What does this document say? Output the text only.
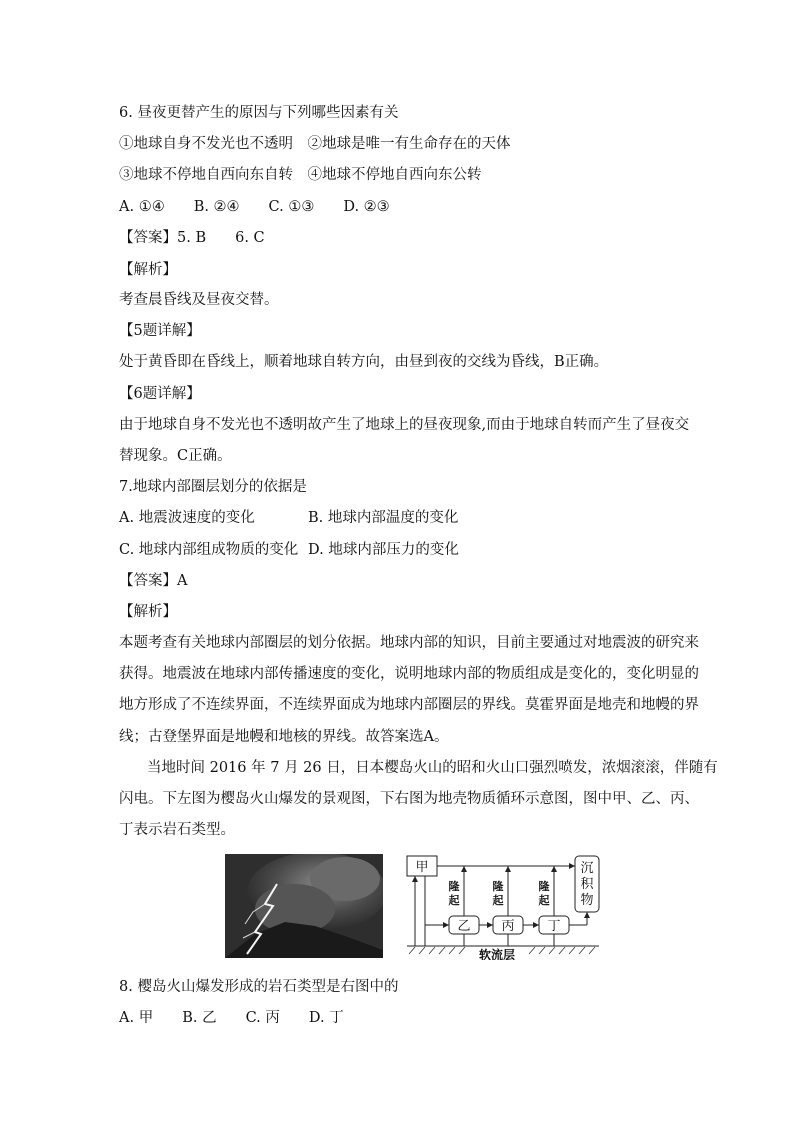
6. 昼夜更替产生的原因与下列哪些因素有关
①地球自身不发光也不透明　②地球是唯一有生命存在的天体
③地球不停地自西向东自转　④地球不停地自西向东公转
A. ①④　　B. ②④　　C. ①③　　D. ②③
【答案】5. B　　6. C
【解析】
考查晨昏线及昼夜交替。
【5题详解】
处于黄昏即在昏线上，顺着地球自转方向，由昼到夜的交线为昏线，B正确。
【6题详解】
由于地球自身不发光也不透明故产生了地球上的昼夜现象,而由于地球自转而产生了昼夜交
替现象。C正确。
7.地球内部圈层划分的依据是
A. 地震波速度的变化	B. 地球内部温度的变化
C. 地球内部组成物质的变化 D. 地球内部压力的变化
【答案】A
【解析】
本题考查有关地球内部圈层的划分依据。地球内部的知识，目前主要通过对地震波的研究来
获得。地震波在地球内部传播速度的变化，说明地球内部的物质组成是变化的，变化明显的
地方形成了不连续界面，不连续界面成为地球内部圈层的界线。莫霍界面是地壳和地幔的界
线；古登堡界面是地幔和地核的界线。故答案选A。
当地时间 2016 年 7 月 26 日，日本樱岛火山的昭和火山口强烈喷发，浓烟滚滚，伴随有
闪电。下左图为樱岛火山爆发的景观图，下右图为地壳物质循环示意图，图中甲、乙、丙、
丁表示岩石类型。
甲
乙 丙	丁
沉
积
物
隆
起
隆
起
隆
起
软流层
8. 樱岛火山爆发形成的岩石类型是右图中的
A. 甲　　B. 乙　　C. 丙　　D. 丁
